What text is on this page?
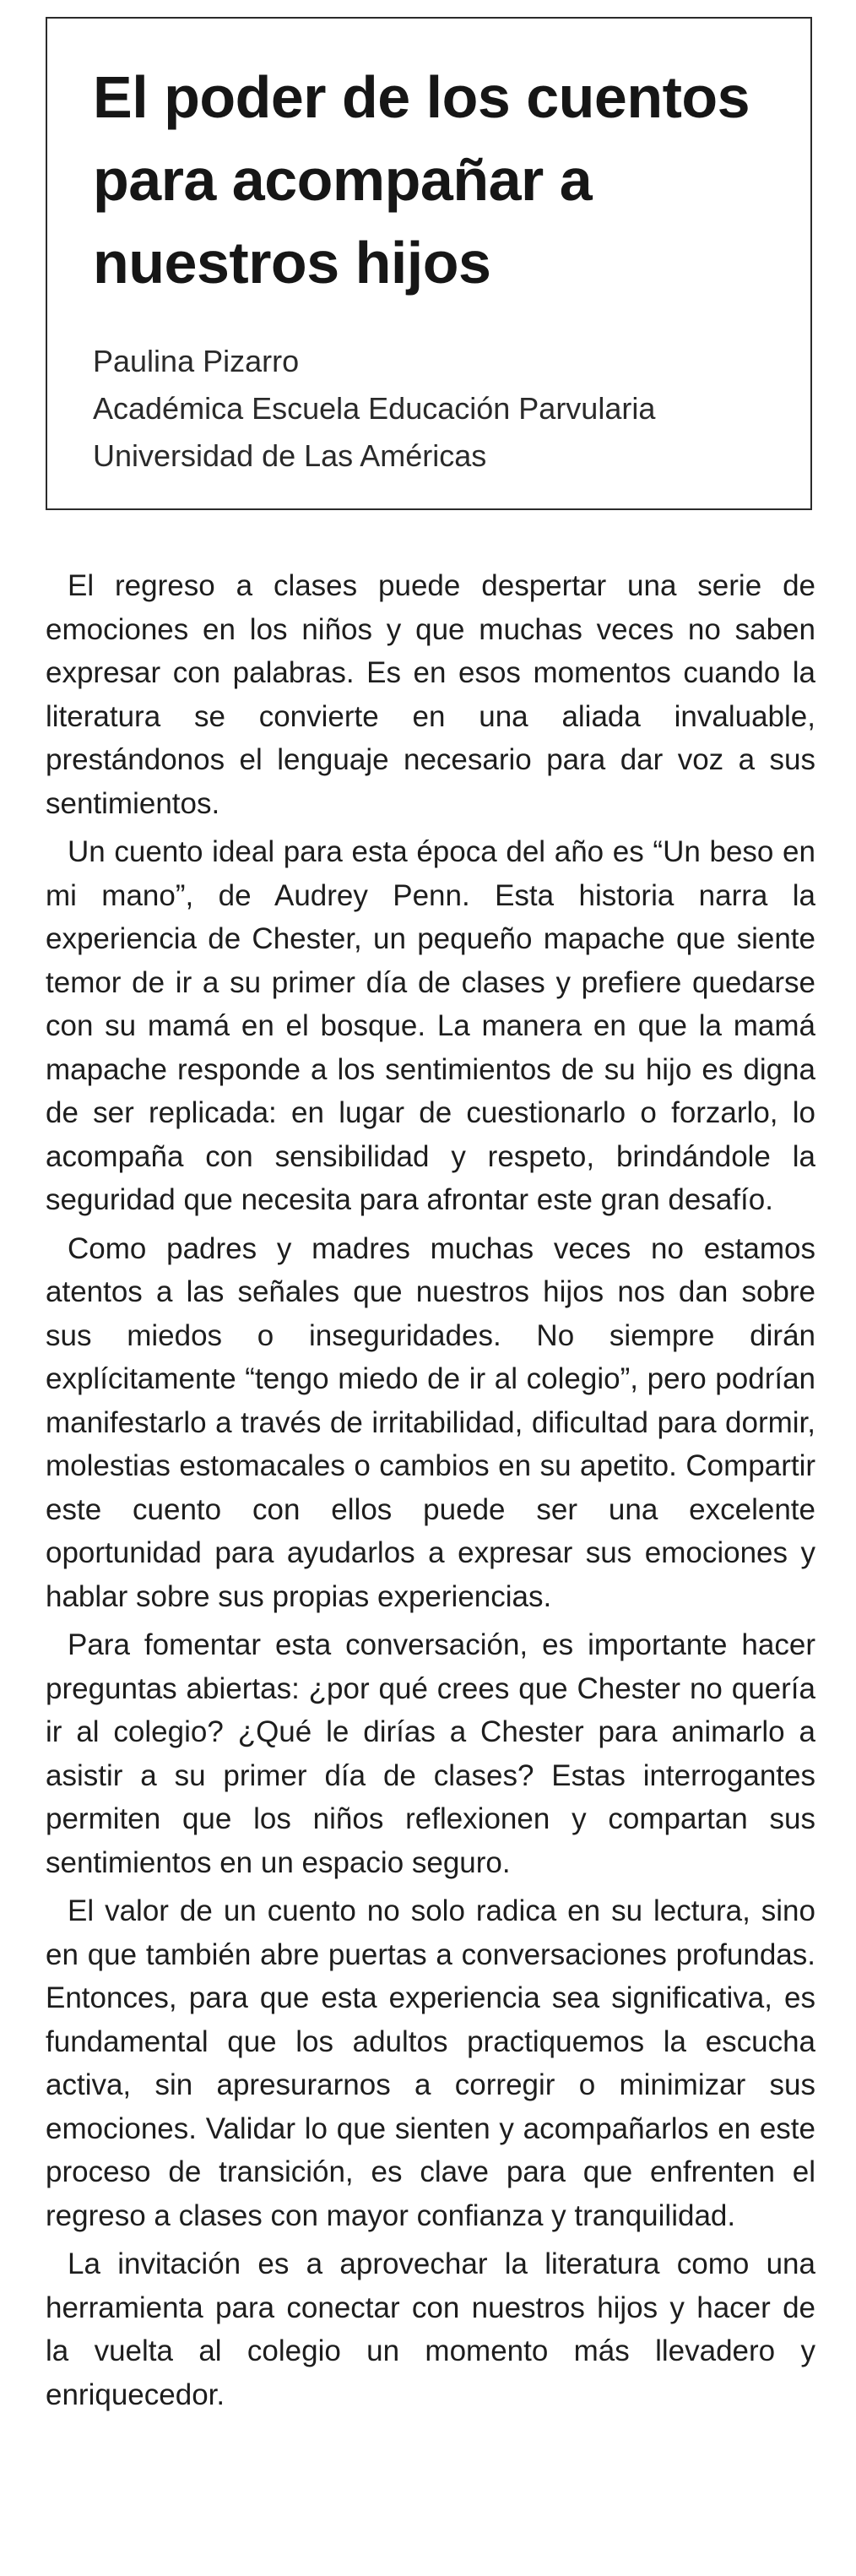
El poder de los cuentos
para acompañar a
nuestros hijos
Paulina Pizarro
Académica Escuela Educación Parvularia
Universidad de Las Américas

El regreso a clases puede despertar una serie de emociones en los niños y que muchas veces no saben expresar con palabras. Es en esos momentos cuando la literatura se convierte en una aliada invaluable, prestándonos el lenguaje necesario para dar voz a sus sentimientos.

Un cuento ideal para esta época del año es “Un beso en mi mano”, de Audrey Penn. Esta historia narra la experiencia de Chester, un pequeño mapache que siente temor de ir a su primer día de clases y prefiere quedarse con su mamá en el bosque. La manera en que la mamá mapache responde a los sentimientos de su hijo es digna de ser replicada: en lugar de cuestionarlo o forzarlo, lo acompaña con sensibilidad y respeto, brindándole la seguridad que necesita para afrontar este gran desafío.

Como padres y madres muchas veces no estamos atentos a las señales que nuestros hijos nos dan sobre sus miedos o inseguridades. No siempre dirán explícitamente “tengo miedo de ir al colegio”, pero podrían manifestarlo a través de irritabilidad, dificultad para dormir, molestias estomacales o cambios en su apetito. Compartir este cuento con ellos puede ser una excelente oportunidad para ayudarlos a expresar sus emociones y hablar sobre sus propias experiencias.

Para fomentar esta conversación, es importante hacer preguntas abiertas: ¿por qué crees que Chester no quería ir al colegio? ¿Qué le dirías a Chester para animarlo a asistir a su primer día de clases? Estas interrogantes permiten que los niños reflexionen y compartan sus sentimientos en un espacio seguro.

El valor de un cuento no solo radica en su lectura, sino en que también abre puertas a conversaciones profundas. Entonces, para que esta experiencia sea significativa, es fundamental que los adultos practiquemos la escucha activa, sin apresurarnos a corregir o minimizar sus emociones. Validar lo que sienten y acompañarlos en este proceso de transición, es clave para que enfrenten el regreso a clases con mayor confianza y tranquilidad.

La invitación es a aprovechar la literatura como una herramienta para conectar con nuestros hijos y hacer de la vuelta al colegio un momento más llevadero y enriquecedor.
